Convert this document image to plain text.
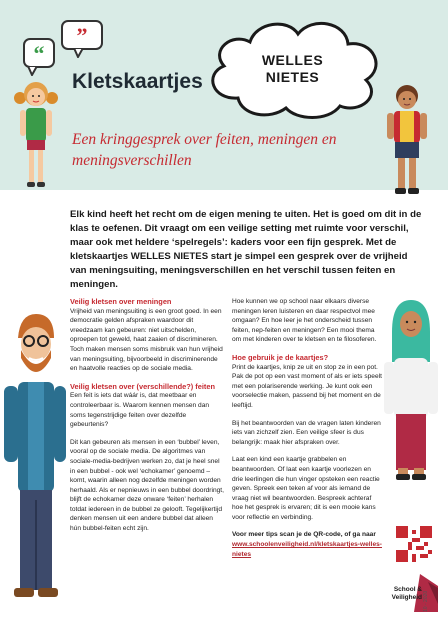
“
”
Kletskaartjes
WELLES
NIETES
Een kringgesprek over feiten, meningen en meningsverschillen
Elk kind heeft het recht om de eigen mening te uiten. Het is goed om dit in de klas te oefenen. Dit vraagt om een veilige setting met ruimte voor verschil, maar ook met heldere ‘spelregels’: kaders voor een fijn gesprek. Met de kletskaartjes WELLES NIETES start je simpel een gesprek over de vrijheid van meningsuiting, meningsverschillen en het verschil tussen feiten en meningen.
Veilig kletsen over meningen

Vrijheid van meningsuiting is een groot goed. In een democratie gelden afspraken waardoor dit vreedzaam kan gebeuren: niet uitschelden, oproepen tot geweld, haat zaaien of discrimineren. Toch maken mensen soms misbruik van hun vrijheid van meningsuiting, bijvoorbeeld in discriminerende en haatvolle reacties op de sociale media.

Veilig kletsen over (verschillende?) feiten

Een feit is iets dat wáár is, dat meetbaar en controleerbaar is. Waarom kennen mensen dan soms tegenstrijdige feiten over dezelfde gebeurtenis?

Dit kan gebeuren als mensen in een ‘bubbel’ leven, vooral op de sociale media. De algoritmes van sociale-media-bedrijven werken zo, dat je heel snel in een bubbel - ook wel ‘echokamer’ genoemd – komt, waarin alleen nog dezelfde meningen worden herhaald. Als er nepnieuws in een bubbel doordringt, blijft de echokamer deze onware ‘feiten’ herhalen totdat iedereen in de bubbel ze gelooft. Tegelijkertijd denken mensen uit een andere bubbel dat alleen hún bubbel-feiten echt zijn.

Hoe kunnen we op school naar elkaars diverse meningen leren luisteren en daar respectvol mee omgaan? En hoe leer je het onderscheid tussen feiten, nep-feiten en meningen? Een mooi thema om met kinderen over te kletsen en te filosoferen.

Hoe gebruik je de kaartjes?

Print de kaartjes, knip ze uit en stop ze in een pot. Pak de pot op een vast moment of als er iets speelt met een polariserende werking. Je kunt ook een voorselectie maken, passend bij het moment en de leeftijd.

Bij het beantwoorden van de vragen laten kinderen iets van zichzelf zien. Een veilige sfeer is dus belangrijk: maak hier afspraken over.

Laat een kind een kaartje grabbelen en beantwoorden. Of laat een kaartje voorlezen en drie leerlingen die hun vinger opsteken een reactie geven. Spreek een teken af voor als iemand de vraag niet wil beantwoorden. Bespreek achteraf hoe het gesprek is ervaren; dit is een mooie kans voor reflectie en verbinding.

Voor meer tips scan je de QR-code, of ga naar www.schoolenveiligheid.nl/kletskaartjes-welles-nietes

School &
Veiligheid 10 - 2020
